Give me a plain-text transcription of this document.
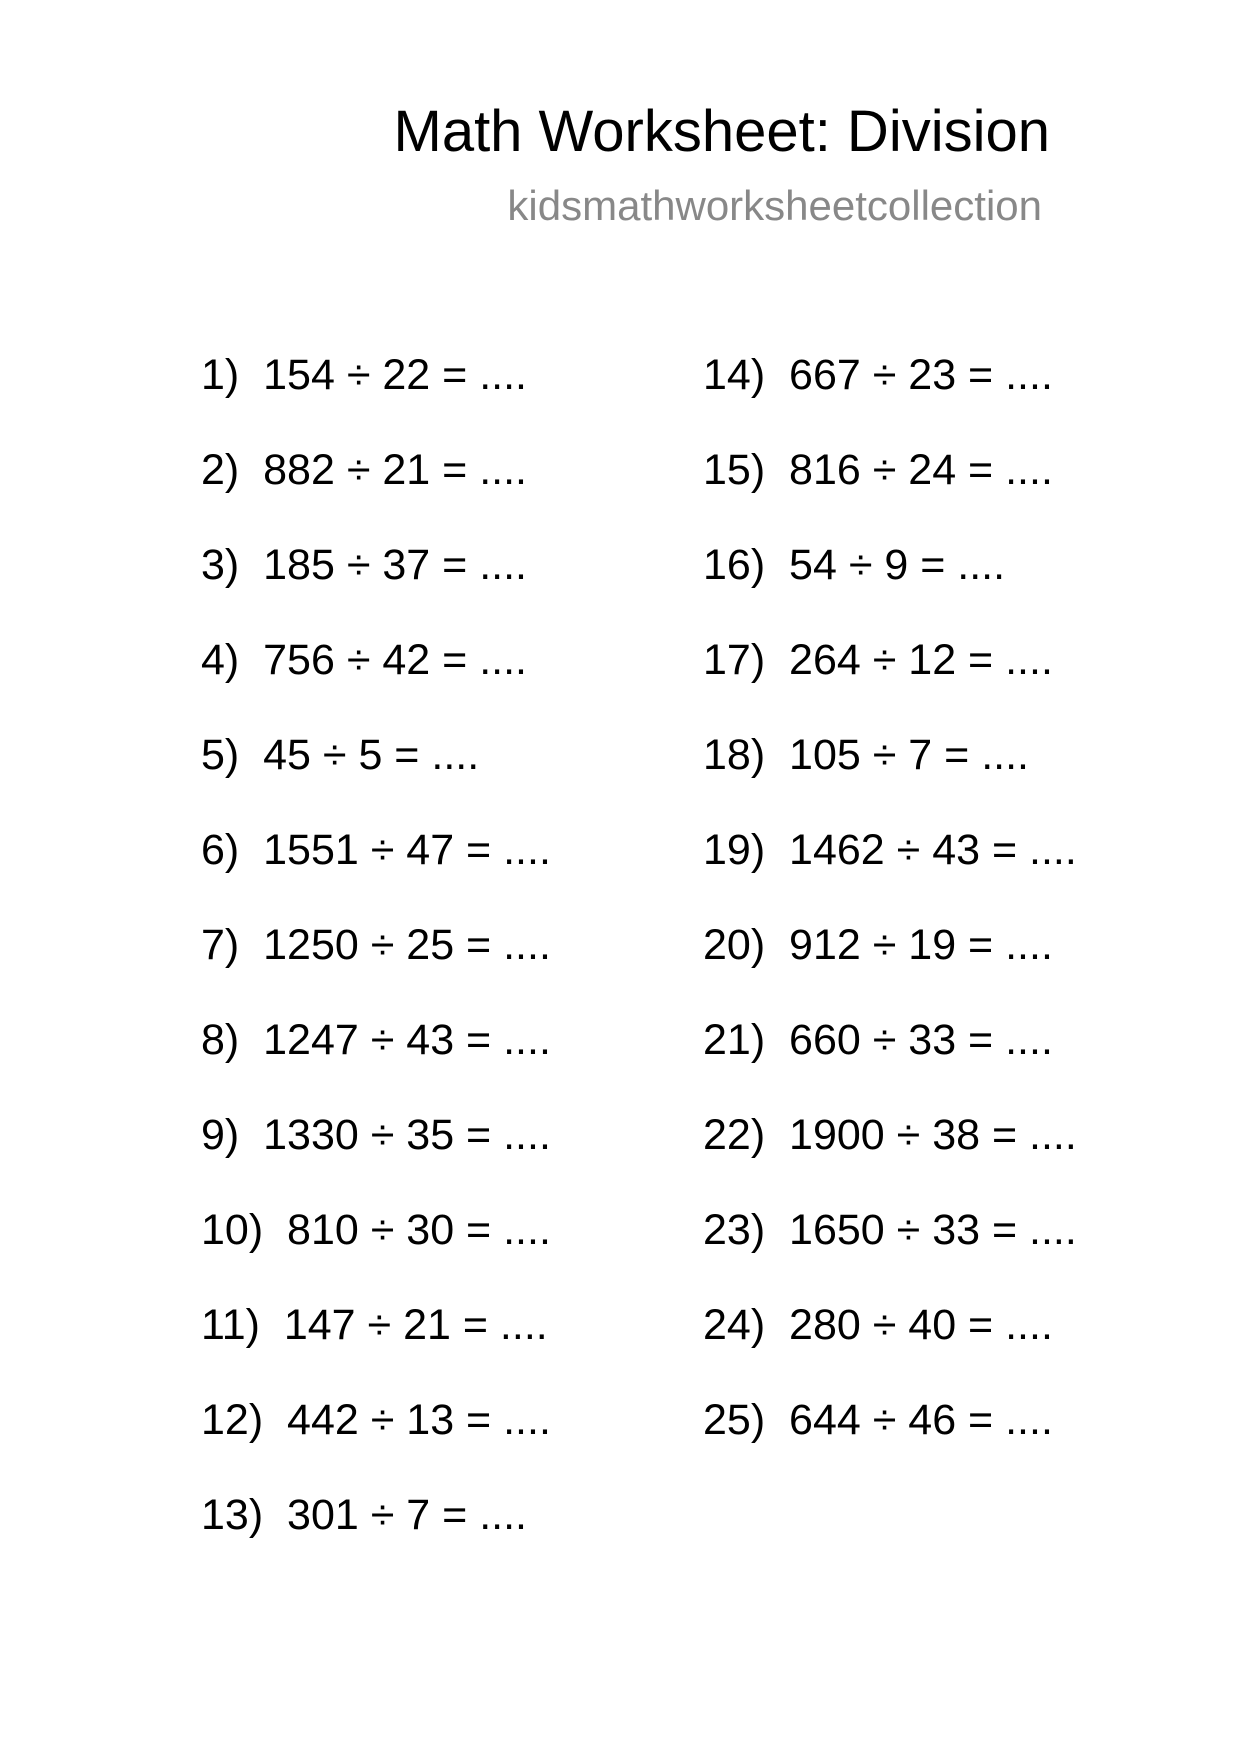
Math Worksheet: Division
kidsmathworksheetcollection
1)  154 ÷ 22 = ....
2)  882 ÷ 21 = ....
3)  185 ÷ 37 = ....
4)  756 ÷ 42 = ....
5)  45 ÷ 5 = ....
6)  1551 ÷ 47 = ....
7)  1250 ÷ 25 = ....
8)  1247 ÷ 43 = ....
9)  1330 ÷ 35 = ....
10)  810 ÷ 30 = ....
11)  147 ÷ 21 = ....
12)  442 ÷ 13 = ....
13)  301 ÷ 7 = ....
14)  667 ÷ 23 = ....
15)  816 ÷ 24 = ....
16)  54 ÷ 9 = ....
17)  264 ÷ 12 = ....
18)  105 ÷ 7 = ....
19)  1462 ÷ 43 = ....
20)  912 ÷ 19 = ....
21)  660 ÷ 33 = ....
22)  1900 ÷ 38 = ....
23)  1650 ÷ 33 = ....
24)  280 ÷ 40 = ....
25)  644 ÷ 46 = ....
